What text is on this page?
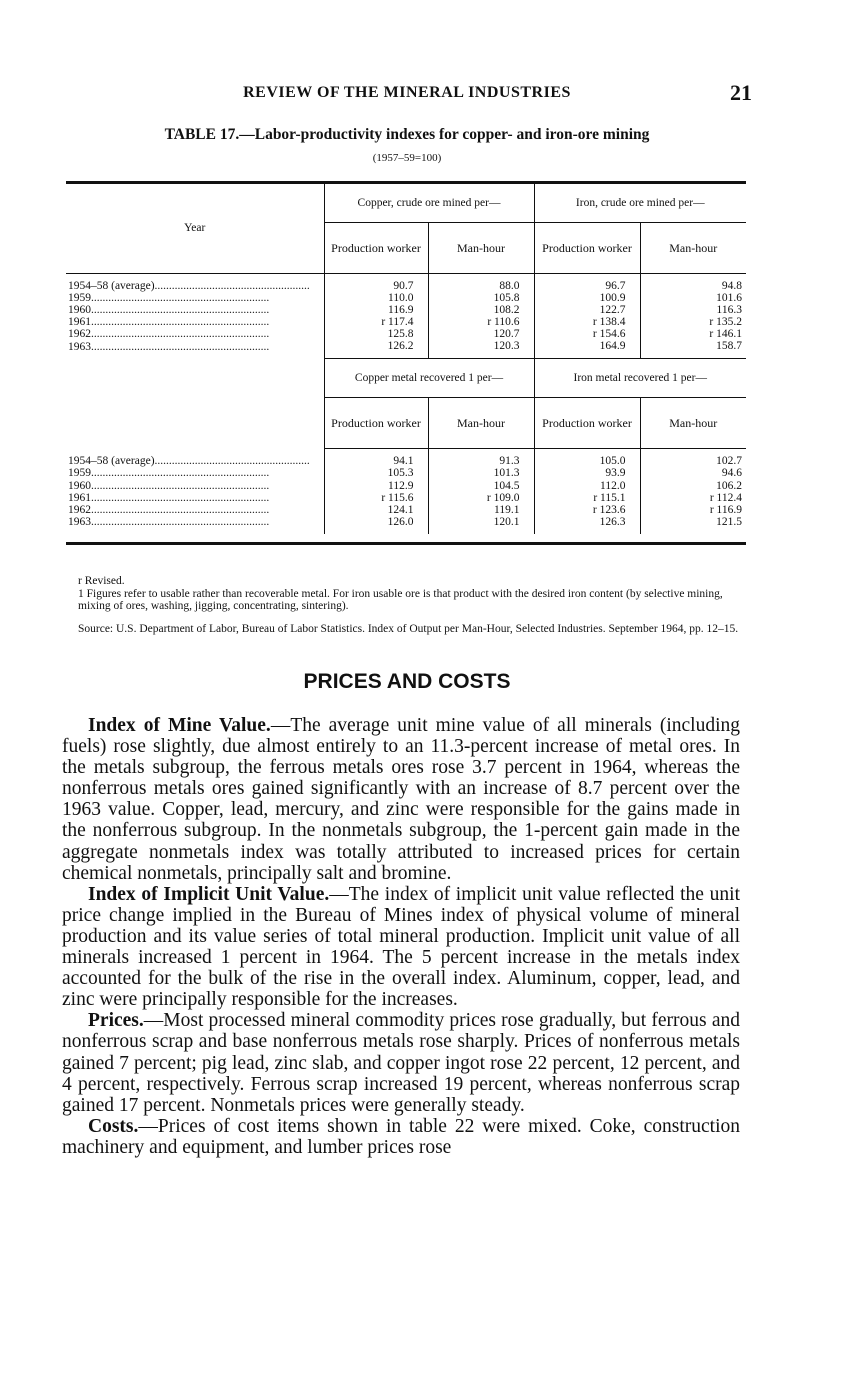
REVIEW OF THE MINERAL INDUSTRIES	21
TABLE 17.—Labor-productivity indexes for copper- and iron-ore mining
(1957–59=100)
Year	Copper, crude ore mined per—		Iron, crude ore mined per—	
	Production worker	Man-hour	Production worker	Man-hour
1954–58 (average)......................................................	90.7	88.0	96.7	94.8
1959..............................................................	110.0	105.8	100.9	101.6
1960..............................................................	116.9	108.2	122.7	116.3
1961..............................................................	r 117.4	r 110.6	r 138.4	r 135.2
1962..............................................................	125.8	120.7	r 154.6	r 146.1
1963..............................................................	126.2	120.3	164.9	158.7
	Copper metal recovered 1 per—		Iron metal recovered 1 per—	
	Production worker	Man-hour	Production worker	Man-hour
1954–58 (average)......................................................	94.1	91.3	105.0	102.7
1959..............................................................	105.3	101.3	93.9	94.6
1960..............................................................	112.9	104.5	112.0	106.2
1961..............................................................	r 115.6	r 109.0	r 115.1	r 112.4
1962..............................................................	124.1	119.1	r 123.6	r 116.9
1963..............................................................	126.0	120.1	126.3	121.5

r Revised.

1 Figures refer to usable rather than recoverable metal. For iron usable ore is that product with the desired iron content (by selective mining, mixing of ores, washing, jigging, concentrating, sintering).

Source: U.S. Department of Labor, Bureau of Labor Statistics. Index of Output per Man-Hour, Selected Industries. September 1964, pp. 12–15.

PRICES AND COSTS

Index of Mine Value.—The average unit mine value of all minerals (including fuels) rose slightly, due almost entirely to an 11.3-percent increase of metal ores. In the metals subgroup, the ferrous metals ores rose 3.7 percent in 1964, whereas the nonferrous metals ores gained significantly with an increase of 8.7 percent over the 1963 value. Copper, lead, mercury, and zinc were responsible for the gains made in the nonferrous subgroup. In the nonmetals subgroup, the 1-percent gain made in the aggregate nonmetals index was totally attributed to increased prices for certain chemical nonmetals, principally salt and bromine.

Index of Implicit Unit Value.—The index of implicit unit value reflected the unit price change implied in the Bureau of Mines index of physical volume of mineral production and its value series of total mineral production. Implicit unit value of all minerals increased 1 percent in 1964. The 5 percent increase in the metals index accounted for the bulk of the rise in the overall index. Aluminum, copper, lead, and zinc were principally responsible for the increases.

Prices.—Most processed mineral commodity prices rose gradually, but ferrous and nonferrous scrap and base nonferrous metals rose sharply. Prices of nonferrous metals gained 7 percent; pig lead, zinc slab, and copper ingot rose 22 percent, 12 percent, and 4 percent, respectively. Ferrous scrap increased 19 percent, whereas nonferrous scrap gained 17 percent. Nonmetals prices were generally steady.

Costs.—Prices of cost items shown in table 22 were mixed. Coke, construction machinery and equipment, and lumber prices rose
